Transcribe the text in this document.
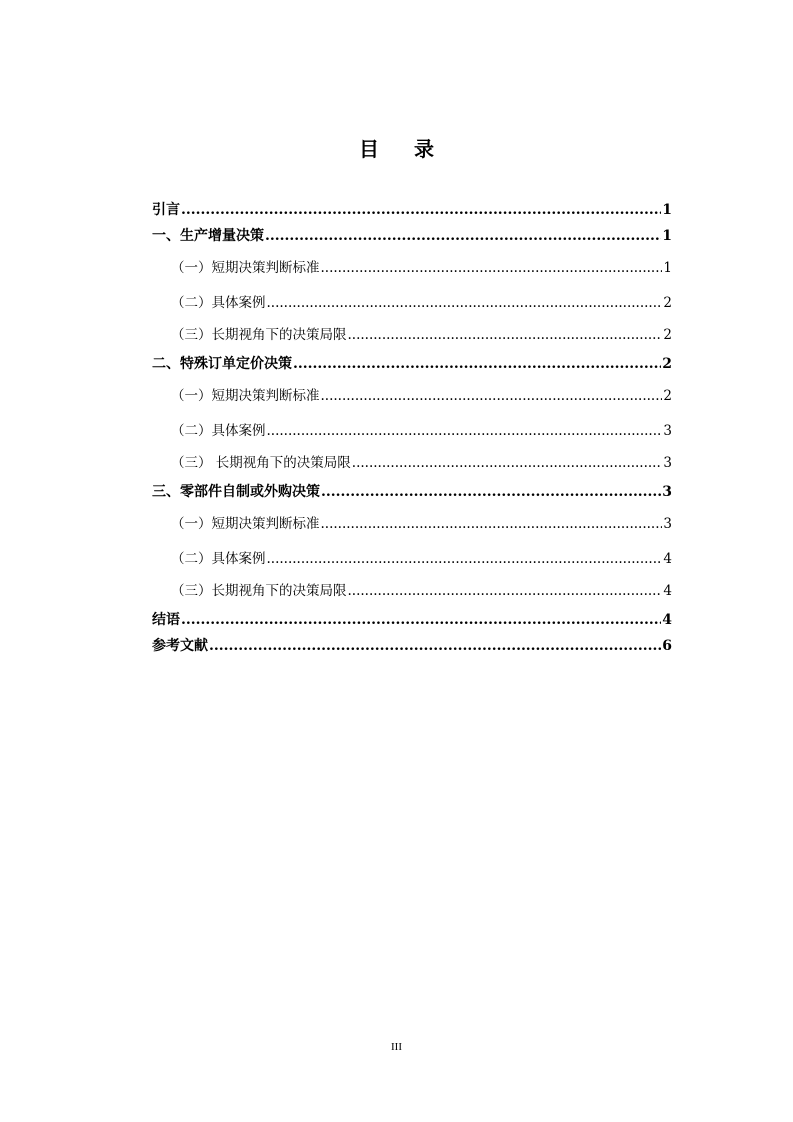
目 录
引言 .....	1
一、生产增量决策 .....	1
（一）短期决策判断标准 .....	1
（二）具体案例 .....	2
（三）长期视角下的决策局限 .....	2
二、特殊订单定价决策 .....	2
（一）短期决策判断标准 .....	2
（二）具体案例 .....	3
（三） 长期视角下的决策局限 .....	3
三、零部件自制或外购决策 .....	3
（一）短期决策判断标准 .....	3
（二）具体案例 .....	4
（三）长期视角下的决策局限 .....	4
结语 .....	4
参考文献 .....	6
III
